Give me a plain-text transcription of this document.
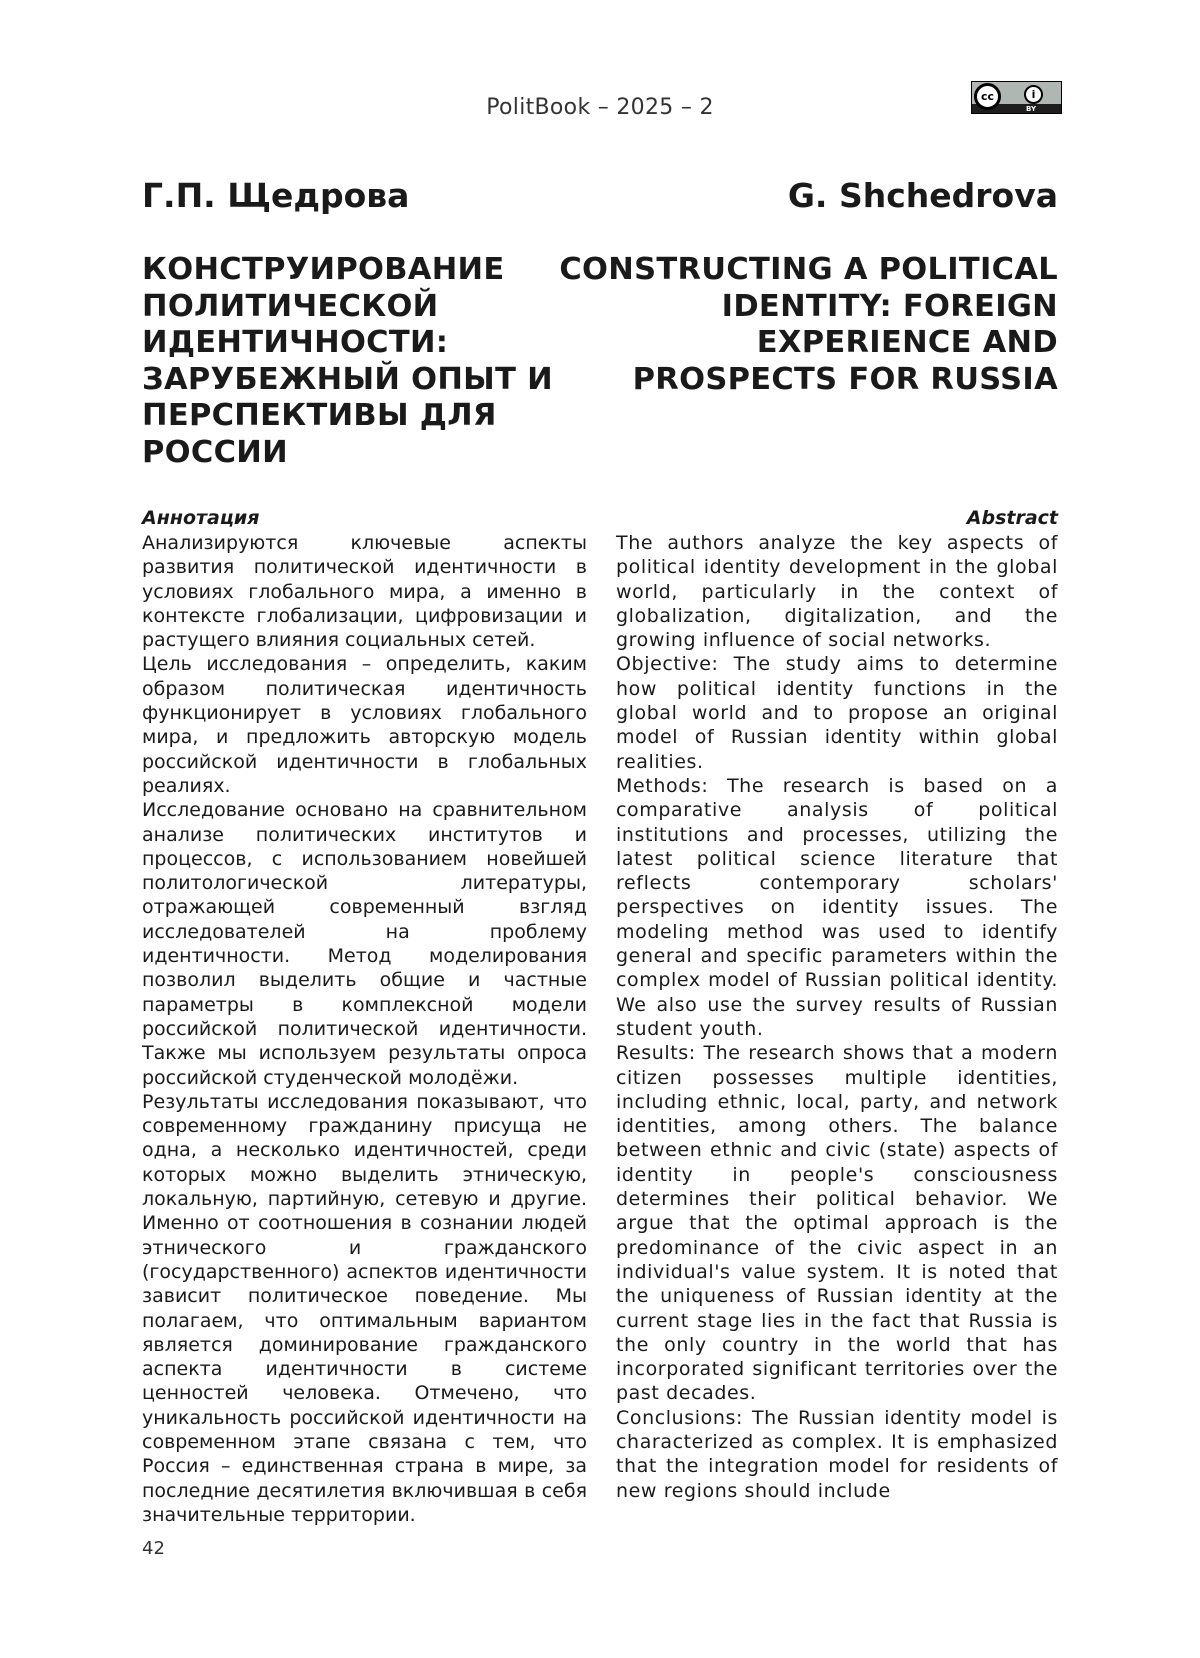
PolitBook – 2025 – 2	cc	i
BY
Г.П. Щедрова	G. Shchedrova
КОНСТРУИРОВАНИЕ ПОЛИТИЧЕСКОЙ ИДЕНТИЧНОСТИ: ЗАРУБЕЖНЫЙ ОПЫТ И ПЕРСПЕКТИВЫ ДЛЯ РОССИИ
CONSTRUCTING A POLITICAL IDENTITY: FOREIGN EXPERIENCE AND PROSPECTS FOR RUSSIA
Аннотация	Abstract

Анализируются ключевые аспекты развития политической идентичности в условиях глобального мира, а именно в контексте глобализации, цифровизации и растущего влияния социальных сетей.

Цель исследования – определить, каким образом политическая идентичность функционирует в условиях глобального мира, и предложить авторскую модель российской идентичности в глобальных реалиях.

Исследование основано на сравнительном анализе политических институтов и процессов, с использованием новейшей политологической литературы, отражающей современный взгляд исследователей на проблему идентичности. Метод моделирования позволил выделить общие и частные параметры в комплексной модели российской политической идентичности. Также мы используем результаты опроса российской студенческой молодёжи.

Результаты исследования показывают, что современному гражданину присуща не одна, а несколько идентичностей, среди которых можно выделить этническую, локальную, партийную, сетевую и другие. Именно от соотношения в сознании людей этнического и гражданского (государственного) аспектов идентичности зависит политическое поведение. Мы полагаем, что оптимальным вариантом является доминирование гражданского аспекта идентичности в системе ценностей человека. Отмечено, что уникальность российской идентичности на современном этапе связана с тем, что Россия – единственная страна в мире, за последние десятилетия включившая в себя значительные территории.

The authors analyze the key aspects of political identity development in the global world, particularly in the context of globalization, digitalization, and the growing influence of social networks.

Objective: The study aims to determine how political identity functions in the global world and to propose an original model of Russian identity within global realities.

Methods: The research is based on a comparative analysis of political institutions and processes, utilizing the latest political science literature that reflects contemporary scholars' perspectives on identity issues. The modeling method was used to identify general and specific parameters within the complex model of Russian political identity. We also use the survey results of Russian student youth.

Results: The research shows that a modern citizen possesses multiple identities, including ethnic, local, party, and network identities, among others. The balance between ethnic and civic (state) aspects of identity in people's consciousness determines their political behavior. We argue that the optimal approach is the predominance of the civic aspect in an individual's value system. It is noted that the uniqueness of Russian identity at the current stage lies in the fact that Russia is the only country in the world that has incorporated significant territories over the past decades.

Conclusions: The Russian identity model is characterized as complex. It is emphasized that the integration model for residents of new regions should include

42
